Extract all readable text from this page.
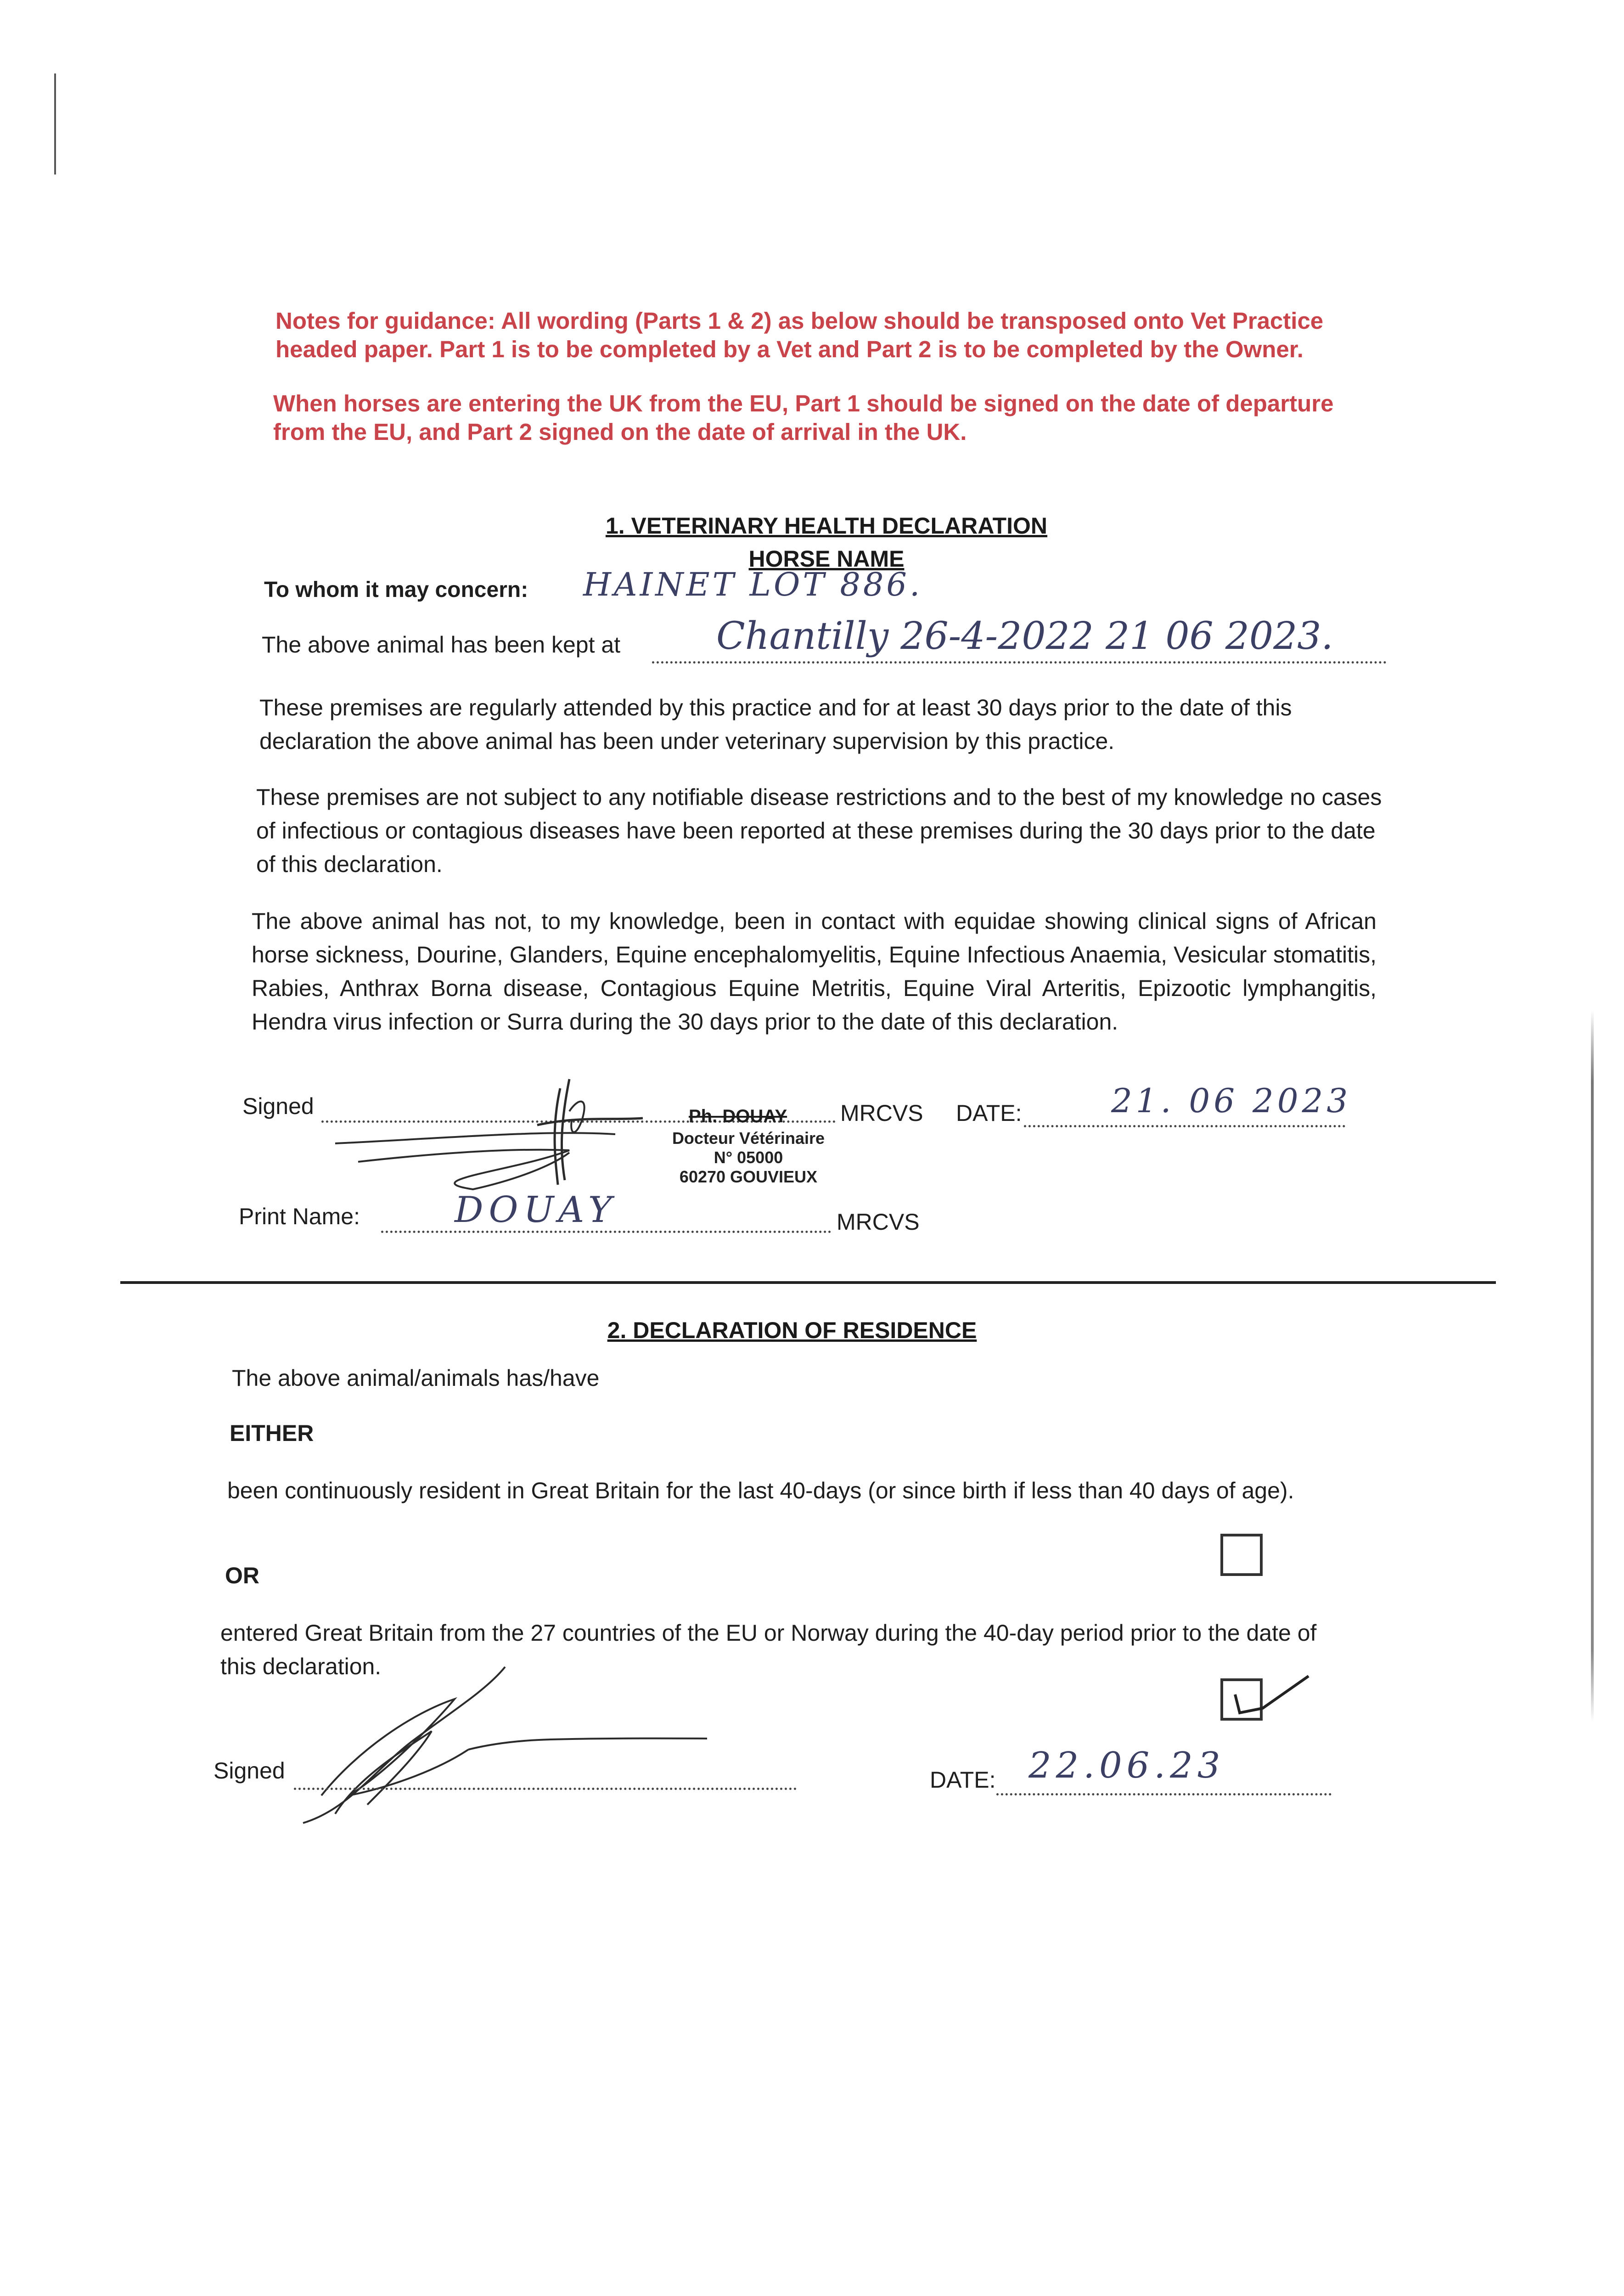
Notes for guidance: All wording (Parts 1 & 2) as below should be transposed onto Vet Practice
headed paper. Part 1 is to be completed by a Vet and Part 2 is to be completed by the Owner.
When horses are entering the UK from the EU, Part 1 should be signed on the date of departure
from the EU, and Part 2 signed on the date of arrival in the UK.
1. VETERINARY HEALTH DECLARATION
HORSE NAME
To whom it may concern: HAINET LOT 886.
The above animal has been kept at	Chantilly 26-4-2022 21 06 2023.
These premises are regularly attended by this practice and for at least 30 days prior to the date of this declaration the above animal has been under veterinary supervision by this practice.
These premises are not subject to any notifiable disease restrictions and to the best of my knowledge no cases of infectious or contagious diseases have been reported at these premises during the 30 days prior to the date of this declaration.
The above animal has not, to my knowledge, been in contact with equidae showing clinical signs of African horse sickness, Dourine, Glanders, Equine encephalomyelitis, Equine Infectious Anaemia, Vesicular stomatitis, Rabies, Anthrax Borna disease, Contagious Equine Metritis, Equine Viral Arteritis, Epizootic lymphangitis, Hendra virus infection or Surra during the 30 days prior to the date of this declaration.
Signed	Ph. DOUAY MRCVS DATE:	21. 06 2023
Docteur Vétérinaire
N° 05000
60270 GOUVIEUX
Print Name:	DOUAY	MRCVS
2. DECLARATION OF RESIDENCE
The above animal/animals has/have
EITHER
been continuously resident in Great Britain for the last 40-days (or since birth if less than 40 days of age).
OR
entered Great Britain from the 27 countries of the EU or Norway during the 40-day period prior to the date of this declaration.
Signed	DATE: 22.06.23
